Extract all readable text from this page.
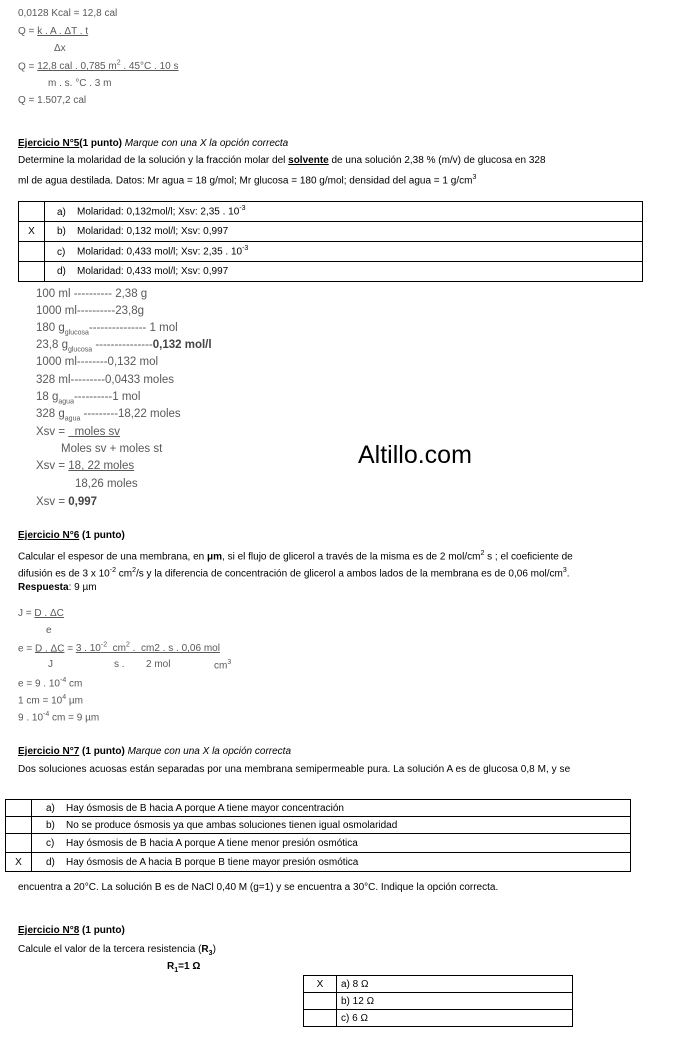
0,0128 Kcal = 12,8 cal
Q = k . A . ΔT . t
Δx
Q = 12,8 cal . 0,785 $m^2$ . 45°C . 10 s
m . s. °C . 3 m
Q = 1.507,2 cal
Ejercicio N°5(1 punto) Marque con una X la opción correcta
Determine la molaridad de la solución y la fracción molar del solvente de una solución 2,38 % (m/v) de glucosa en 328
ml de agua destilada. Datos: Mr agua = 18 g/mol; Mr glucosa = 180 g/mol; densidad del agua = 1 $g/cm^3$
	a) Molaridad: 0,132mol/l; Xsv: 2,35 . $10^{-3}$
X	b) Molaridad: 0,132 mol/l; Xsv: 0,997
	c) Molaridad: 0,433 mol/l; Xsv: 2,35 . $10^{-3}$
	d) Molaridad: 0,433 mol/l; Xsv: 0,997
100 ml ---------- 2,38 g
1000 ml----------23,8g
180 $g_{glucosa}---------------$ 1 mol
23,8 $g_{glucosa}$ ---------------0,132 mol/l
1000 ml--------0,132 mol
328 ml---------0,0433 moles
18 $g_{agua}----------1$ mol
328 $g_{agua}$ ---------18,22 moles
Xsv =   moles sv
Moles sv + moles st
Xsv = 18, 22 moles
18,26 moles
Xsv = 0,997
Altillo.com
Ejercicio N°6 (1 punto)
Calcular el espesor de una membrana, en μm, si el flujo de glicerol a través de la misma es de 2 mol/$cm^2$ s ; el coeficiente de
difusión es de 3 x $10^{-2}$ $cm^2/s$ y la diferencia de concentración de glicerol a ambos lados de la membrana es de 0,06 mol/$cm^3$.
Respuesta: 9 µm
J = D . ΔC
e
e = D . ΔC = 3 . $10^{-2}$  $cm^2$ .  cm2 . s . 0,06 mol
J	s . 2 mol	$cm^3$
e = 9 . $10^{-4}$ cm
1 cm = $10^4$ µm
9 . $10^{-4}$ cm = 9 µm
Ejercicio N°7 (1 punto) Marque con una X la opción correcta
Dos soluciones acuosas están separadas por una membrana semipermeable pura. La solución A es de glucosa 0,8 M, y se
	a) Hay ósmosis de B hacia A porque A tiene mayor concentración
	b) No se produce ósmosis ya que ambas soluciones tienen igual osmolaridad
	c) Hay ósmosis de B hacia A porque A tiene menor presión osmótica
X	d) Hay ósmosis de A hacia B porque B tiene mayor presión osmótica
encuentra a 20°C. La solución B es de NaCl 0,40 M (g=1) y se encuentra a 30°C. Indique la opción correcta.
Ejercicio N°8 (1 punto)
Calcule el valor de la tercera resistencia $(R_3)$
$R_1=1$ Ω
X	a) 8 Ω
	b) 12 Ω
	c) 6 Ω
